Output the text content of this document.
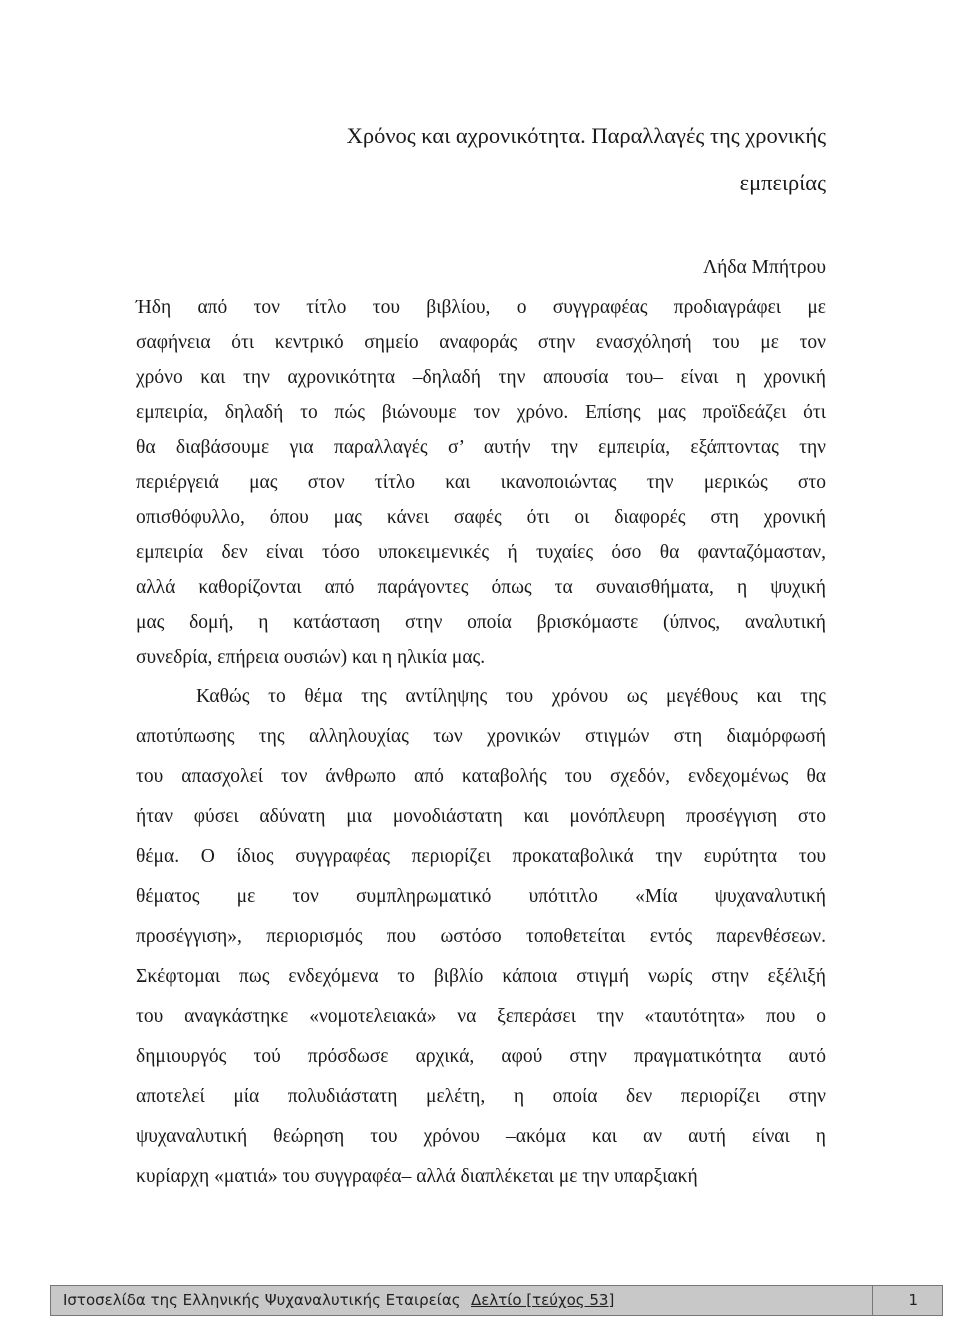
Χρόνος και αχρονικότητα. Παραλλαγές της χρονικής
εμπειρίας
Λήδα Μπήτρου
Ήδη από τον τίτλο του βιβλίου, ο συγγραφέας προδιαγράφει με
σαφήνεια ότι κεντρικό σημείο αναφοράς στην ενασχόλησή του με τον
χρόνο και την αχρονικότητα –δηλαδή την απουσία του– είναι η χρονική
εμπειρία, δηλαδή το πώς βιώνουμε τον χρόνο. Επίσης μας προϊδεάζει ότι
θα διαβάσουμε για παραλλαγές σ’ αυτήν την εμπειρία, εξάπτοντας την
περιέργειά μας στον τίτλο και ικανοποιώντας την μερικώς στο
οπισθόφυλλο, όπου μας κάνει σαφές ότι οι διαφορές στη χρονική
εμπειρία δεν είναι τόσο υποκειμενικές ή τυχαίες όσο θα φανταζόμασταν,
αλλά καθορίζονται από παράγοντες όπως τα συναισθήματα, η ψυχική
μας δομή, η κατάσταση στην οποία βρισκόμαστε (ύπνος, αναλυτική
συνεδρία, επήρεια ουσιών) και η ηλικία μας.
Καθώς το θέμα της αντίληψης του χρόνου ως μεγέθους και της
αποτύπωσης της αλληλουχίας των χρονικών στιγμών στη διαμόρφωσή
του απασχολεί τον άνθρωπο από καταβολής του σχεδόν, ενδεχομένως θα
ήταν φύσει αδύνατη μια μονοδιάστατη και μονόπλευρη προσέγγιση στο
θέμα. Ο ίδιος συγγραφέας περιορίζει προκαταβολικά την ευρύτητα του
θέματος με τον συμπληρωματικό υπότιτλο «Μία ψυχαναλυτική
προσέγγιση», περιορισμός που ωστόσο τοποθετείται εντός παρενθέσεων.
Σκέφτομαι πως ενδεχόμενα το βιβλίο κάποια στιγμή νωρίς στην εξέλιξή
του αναγκάστηκε «νομοτελειακά» να ξεπεράσει την «ταυτότητα» που ο
δημιουργός τού πρόσδωσε αρχικά, αφού στην πραγματικότητα αυτό
αποτελεί μία πολυδιάστατη μελέτη, η οποία δεν περιορίζει στην
ψυχαναλυτική θεώρηση του χρόνου –ακόμα και αν αυτή είναι η
κυρίαρχη «ματιά» του συγγραφέα– αλλά διαπλέκεται με την υπαρξιακή
Ιστοσελίδα της Ελληνικής Ψυχαναλυτικής Εταιρείας Δελτίο [τεύχος 53]	1
